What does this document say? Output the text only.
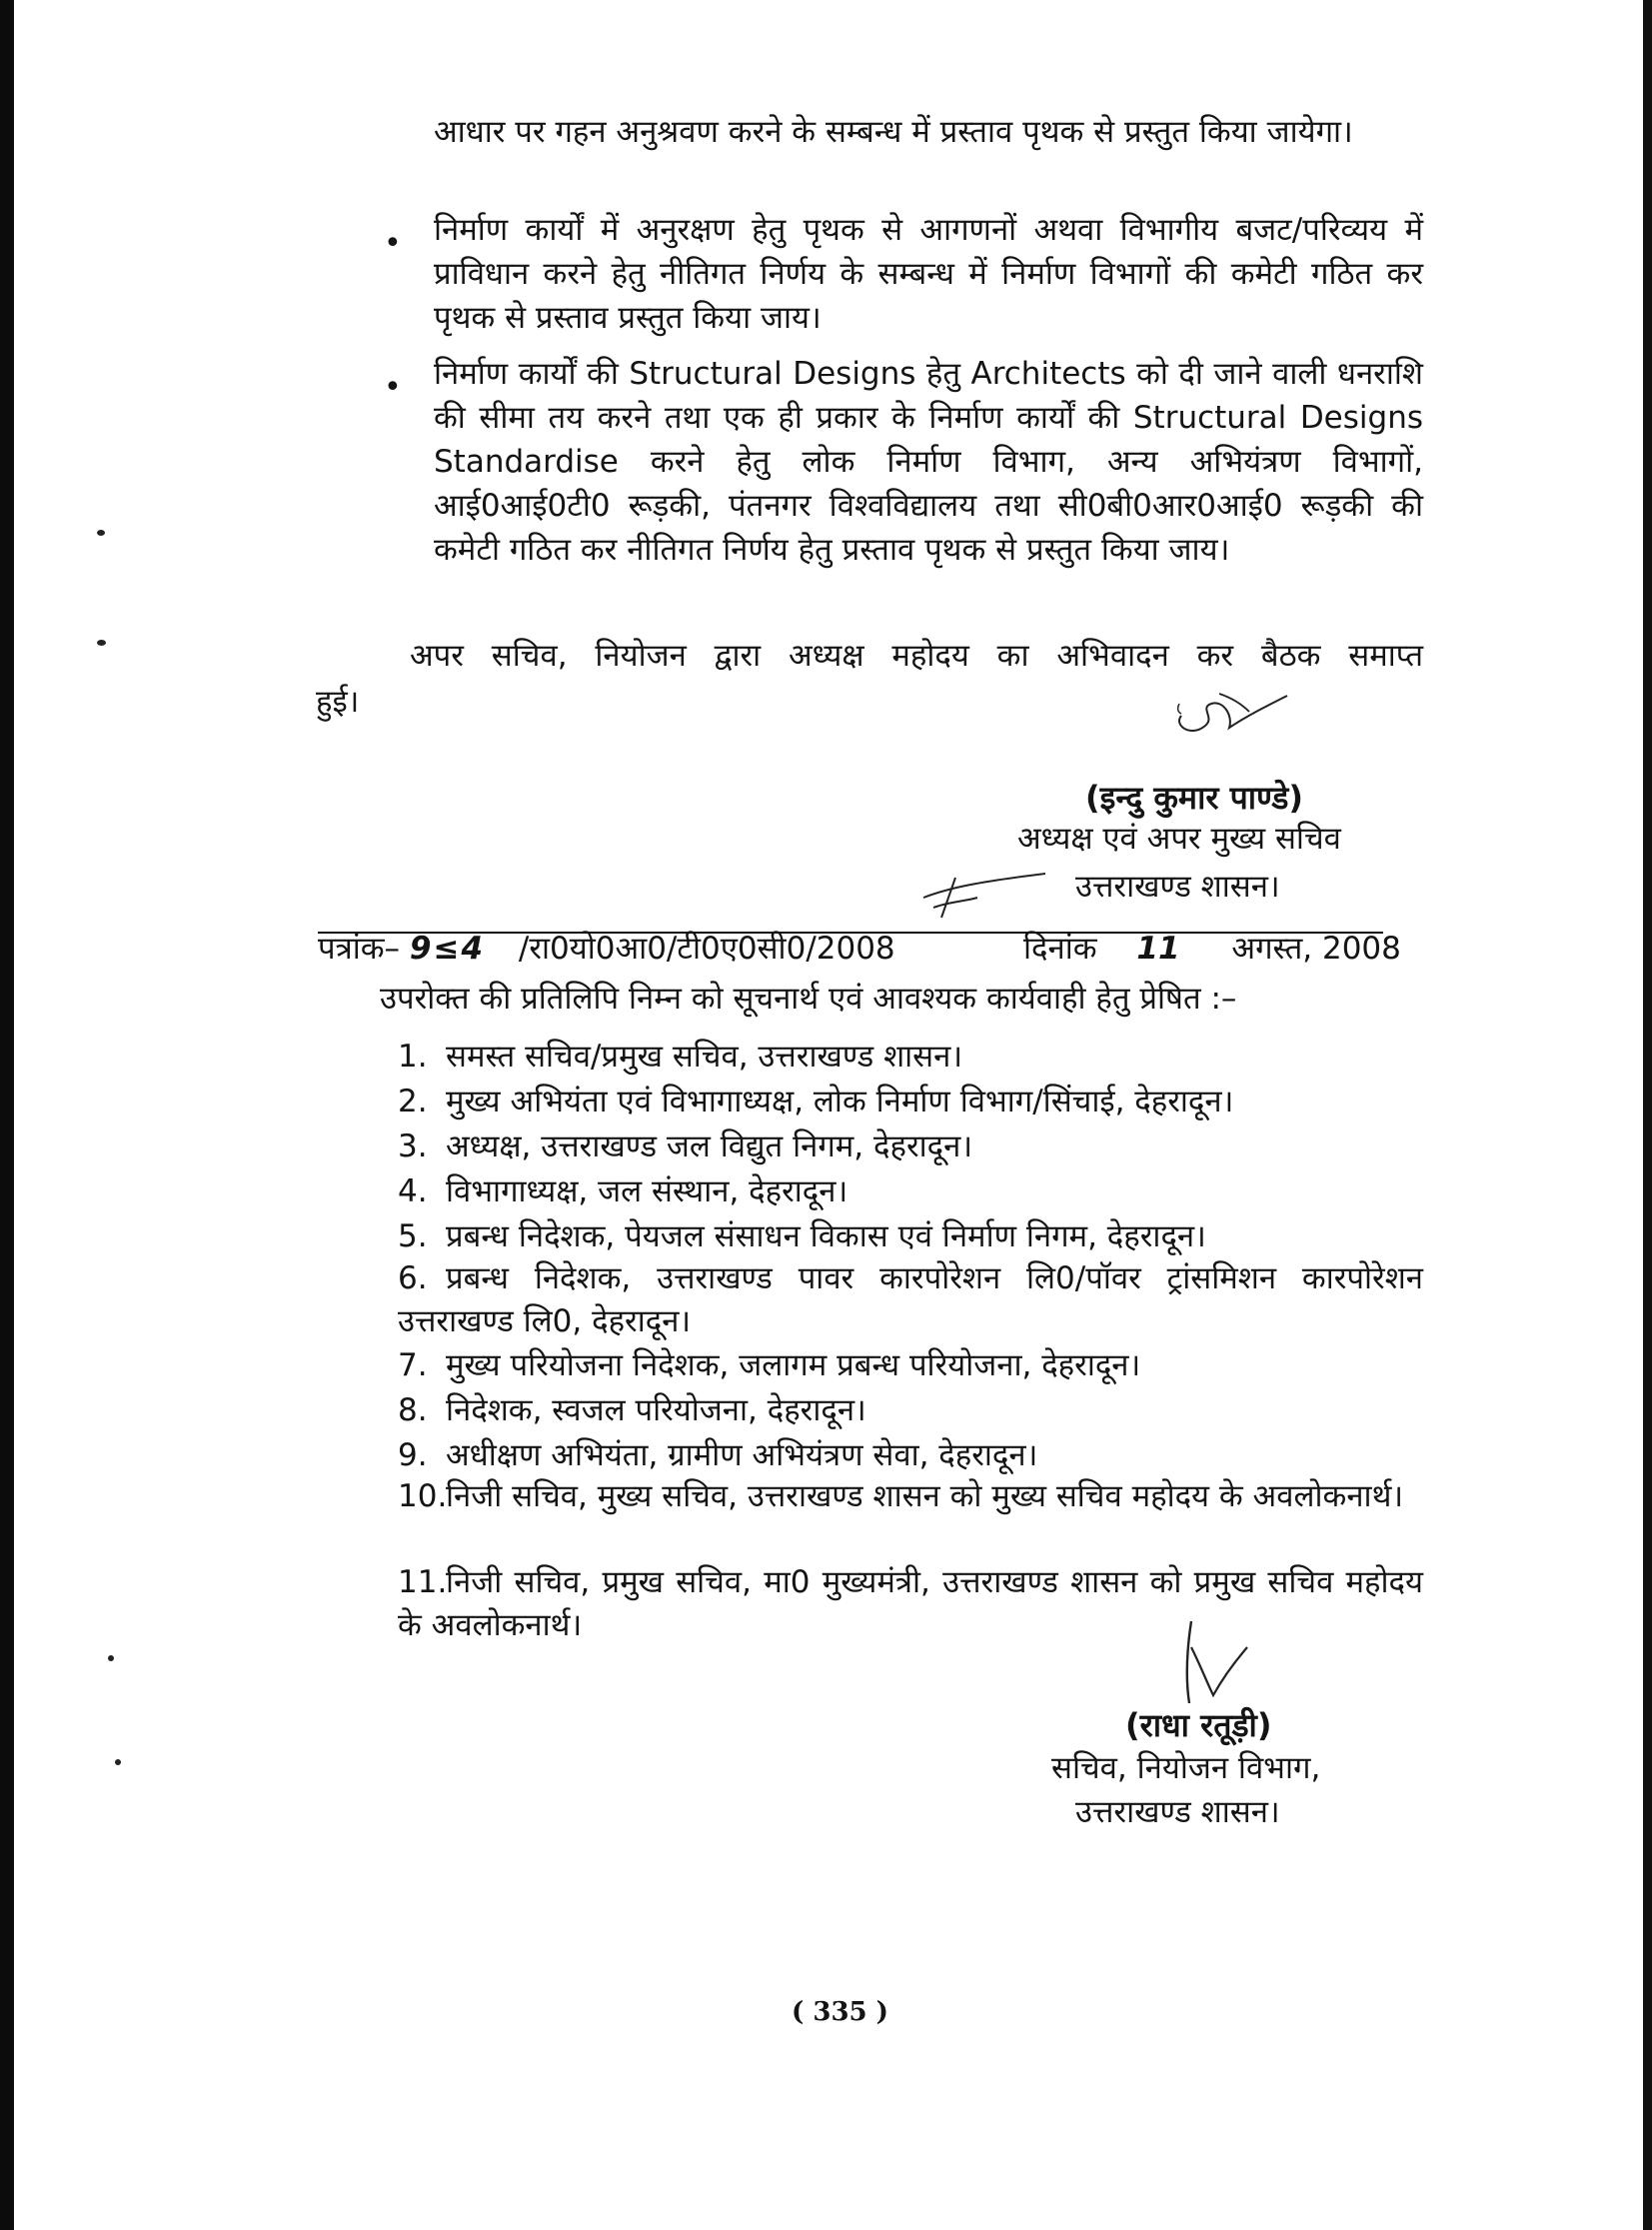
आधार पर गहन अनुश्रवण करने के सम्बन्ध में प्रस्ताव पृथक से प्रस्तुत किया जायेगा।
• निर्माण कार्यों में अनुरक्षण हेतु पृथक से आगणनों अथवा विभागीय बजट/परिव्यय में प्राविधान करने हेतु नीतिगत निर्णय के सम्बन्ध में निर्माण विभागों की कमेटी गठित कर पृथक से प्रस्ताव प्रस्तुत किया जाय।
• निर्माण कार्यों की Structural Designs हेतु Architects को दी जाने वाली धनराशि की सीमा तय करने तथा एक ही प्रकार के निर्माण कार्यों की Structural Designs Standardise करने हेतु लोक निर्माण विभाग, अन्य अभियंत्रण विभागों, आई0आई0टी0 रूड़की, पंतनगर विश्वविद्यालय तथा सी0बी0आर0आई0 रूड़की की कमेटी गठित कर नीतिगत निर्णय हेतु प्रस्ताव पृथक से प्रस्तुत किया जाय।
अपर सचिव, नियोजन द्वारा अध्यक्ष महोदय का अभिवादन कर बैठक समाप्त
हुई।
(इन्दु कुमार पाण्डे)
अध्यक्ष एवं अपर मुख्य सचिव
उत्तराखण्ड शासन।
पत्रांक– 9≤4 /रा0यो0आ0/टी0ए0सी0/2008	दिनांक 11 अगस्त, 2008
उपरोक्त की प्रतिलिपि निम्न को सूचनार्थ एवं आवश्यक कार्यवाही हेतु प्रेषित :–
1. समस्त सचिव/प्रमुख सचिव, उत्तराखण्ड शासन।
2. मुख्य अभियंता एवं विभागाध्यक्ष, लोक निर्माण विभाग/सिंचाई, देहरादून।
3. अध्यक्ष, उत्तराखण्ड जल विद्युत निगम, देहरादून।
4. विभागाध्यक्ष, जल संस्थान, देहरादून।
5. प्रबन्ध निदेशक, पेयजल संसाधन विकास एवं निर्माण निगम, देहरादून।
6. प्रबन्ध निदेशक, उत्तराखण्ड पावर कारपोरेशन लि0/पॉवर ट्रांसमिशन कारपोरेशन उत्तराखण्ड लि0, देहरादून।
7. मुख्य परियोजना निदेशक, जलागम प्रबन्ध परियोजना, देहरादून।
8. निदेशक, स्वजल परियोजना, देहरादून।
9. अधीक्षण अभियंता, ग्रामीण अभियंत्रण सेवा, देहरादून।
10.निजी सचिव, मुख्य सचिव, उत्तराखण्ड शासन को मुख्य सचिव महोदय के अवलोकनार्थ।
11.निजी सचिव, प्रमुख सचिव, मा0 मुख्यमंत्री, उत्तराखण्ड शासन को प्रमुख सचिव महोदय के अवलोकनार्थ।
(राधा रतूड़ी)
सचिव, नियोजन विभाग,
उत्तराखण्ड शासन।
( 335 )
